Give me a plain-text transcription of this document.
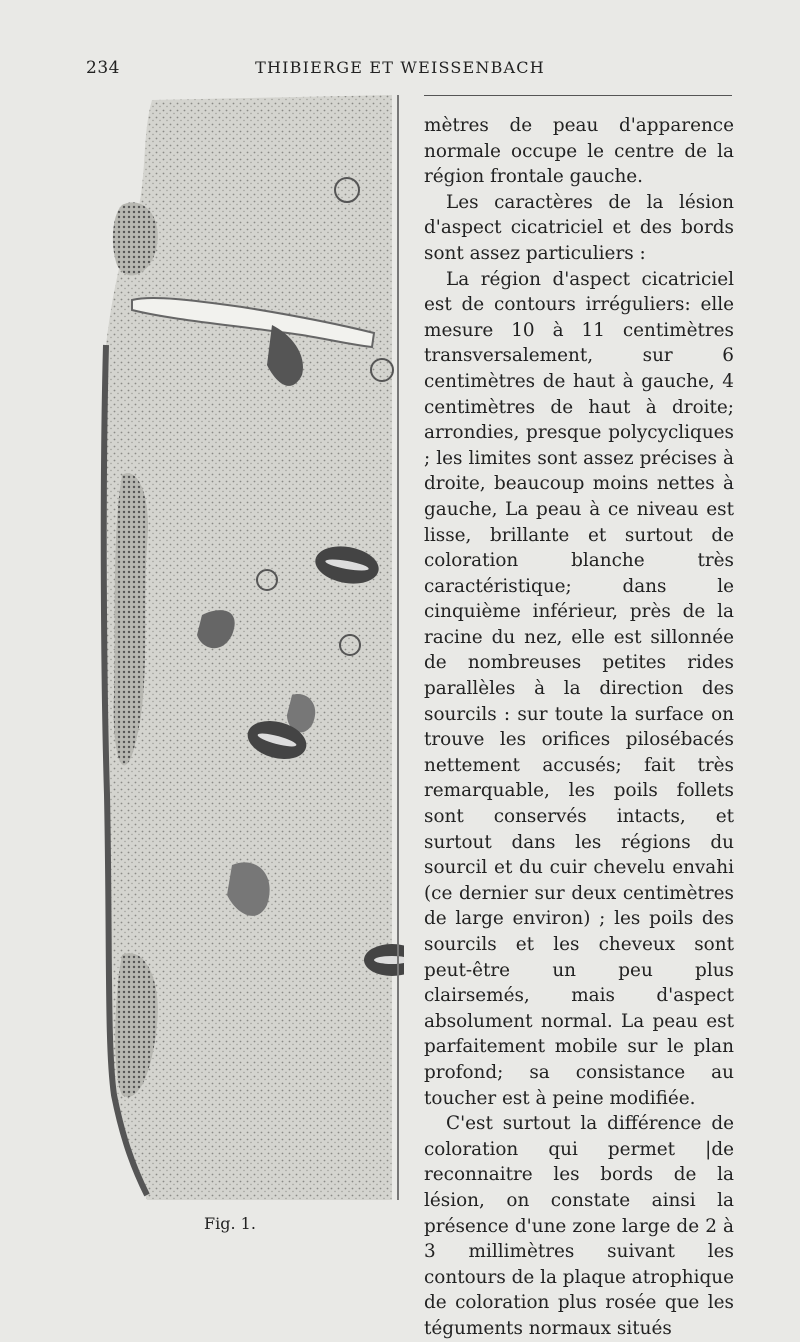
234	THIBIERGE ET WEISSENBACH
Fig. 1.

mètres de peau d'apparence normale occupe le centre de la région frontale gauche.

Les caractères de la lésion d'aspect cicatriciel et des bords sont assez particuliers :

La région d'aspect cicatriciel est de contours irréguliers: elle mesure 10 à 11 centimètres transversalement, sur 6 centimètres de haut à gauche, 4 centimètres de haut à droite; arrondies, presque polycycliques ; les limites sont assez précises à droite, beaucoup moins nettes à gauche, La peau à ce niveau est lisse, brillante et surtout de coloration blanche très caractéristique; dans le cinquième inférieur, près de la racine du nez, elle est sillonnée de nombreuses petites rides parallèles à la direction des sourcils : sur toute la surface on trouve les orifices pilosébacés nettement accusés; fait très remarquable, les poils follets sont conservés intacts, et surtout dans les régions du sourcil et du cuir chevelu envahi (ce dernier sur deux centimètres de large environ) ; les poils des sourcils et les cheveux sont peut-être un peu plus clairsemés, mais d'aspect absolument normal. La peau est parfaitement mobile sur le plan profond; sa consistance au toucher est à peine modifiée.

C'est surtout la différence de coloration qui permet |de reconnaitre les bords de la lésion, on constate ainsi la présence d'une zone large de 2 à 3 millimètres suivant les contours de la plaque atrophique de coloration plus rosée que les téguments normaux situés
